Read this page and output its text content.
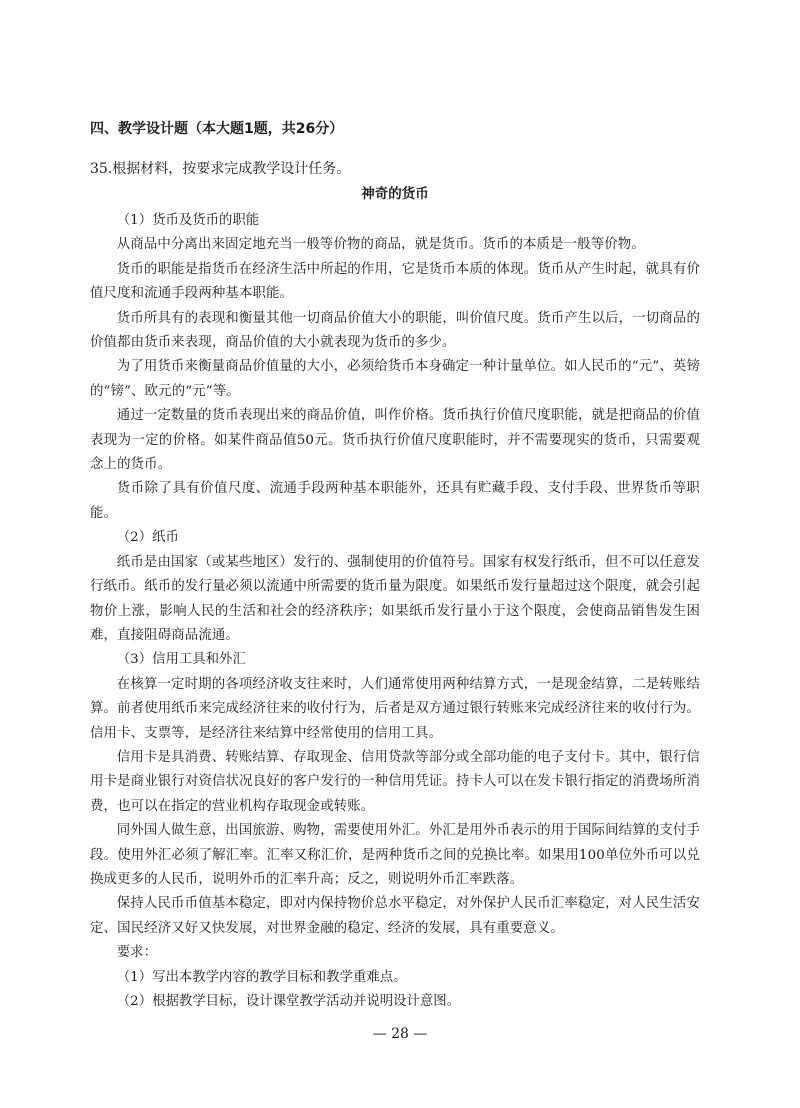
四、教学设计题（本大题1题，共26分）
35.根据材料，按要求完成教学设计任务。
神奇的货币

（1）货币及货币的职能

从商品中分离出来固定地充当一般等价物的商品，就是货币。货币的本质是一般等价物。

货币的职能是指货币在经济生活中所起的作用，它是货币本质的体现。货币从产生时起，就具有价值尺度和流通手段两种基本职能。

货币所具有的表现和衡量其他一切商品价值大小的职能，叫价值尺度。货币产生以后，一切商品的价值都由货币来表现，商品价值的大小就表现为货币的多少。

为了用货币来衡量商品价值量的大小，必须给货币本身确定一种计量单位。如人民币的“元”、英镑的“镑”、欧元的“元”等。

通过一定数量的货币表现出来的商品价值，叫作价格。货币执行价值尺度职能，就是把商品的价值表现为一定的价格。如某件商品值50元。货币执行价值尺度职能时，并不需要现实的货币，只需要观念上的货币。

货币除了具有价值尺度、流通手段两种基本职能外，还具有贮藏手段、支付手段、世界货币等职能。

（2）纸币

纸币是由国家（或某些地区）发行的、强制使用的价值符号。国家有权发行纸币，但不可以任意发行纸币。纸币的发行量必须以流通中所需要的货币量为限度。如果纸币发行量超过这个限度，就会引起物价上涨，影响人民的生活和社会的经济秩序；如果纸币发行量小于这个限度，会使商品销售发生困难，直接阻碍商品流通。

（3）信用工具和外汇

在核算一定时期的各项经济收支往来时，人们通常使用两种结算方式，一是现金结算，二是转账结算。前者使用纸币来完成经济往来的收付行为，后者是双方通过银行转账来完成经济往来的收付行为。信用卡、支票等，是经济往来结算中经常使用的信用工具。

信用卡是具消费、转账结算、存取现金、信用贷款等部分或全部功能的电子支付卡。其中，银行信用卡是商业银行对资信状况良好的客户发行的一种信用凭证。持卡人可以在发卡银行指定的消费场所消费，也可以在指定的营业机构存取现金或转账。

同外国人做生意，出国旅游、购物，需要使用外汇。外汇是用外币表示的用于国际间结算的支付手段。使用外汇必须了解汇率。汇率又称汇价，是两种货币之间的兑换比率。如果用100单位外币可以兑换成更多的人民币，说明外币的汇率升高；反之，则说明外币汇率跌落。

保持人民币币值基本稳定，即对内保持物价总水平稳定，对外保护人民币汇率稳定，对人民生活安定、国民经济又好又快发展，对世界金融的稳定、经济的发展，具有重要意义。

要求：

（1）写出本教学内容的教学目标和教学重难点。

（2）根据教学目标，设计课堂教学活动并说明设计意图。

— 28 —
